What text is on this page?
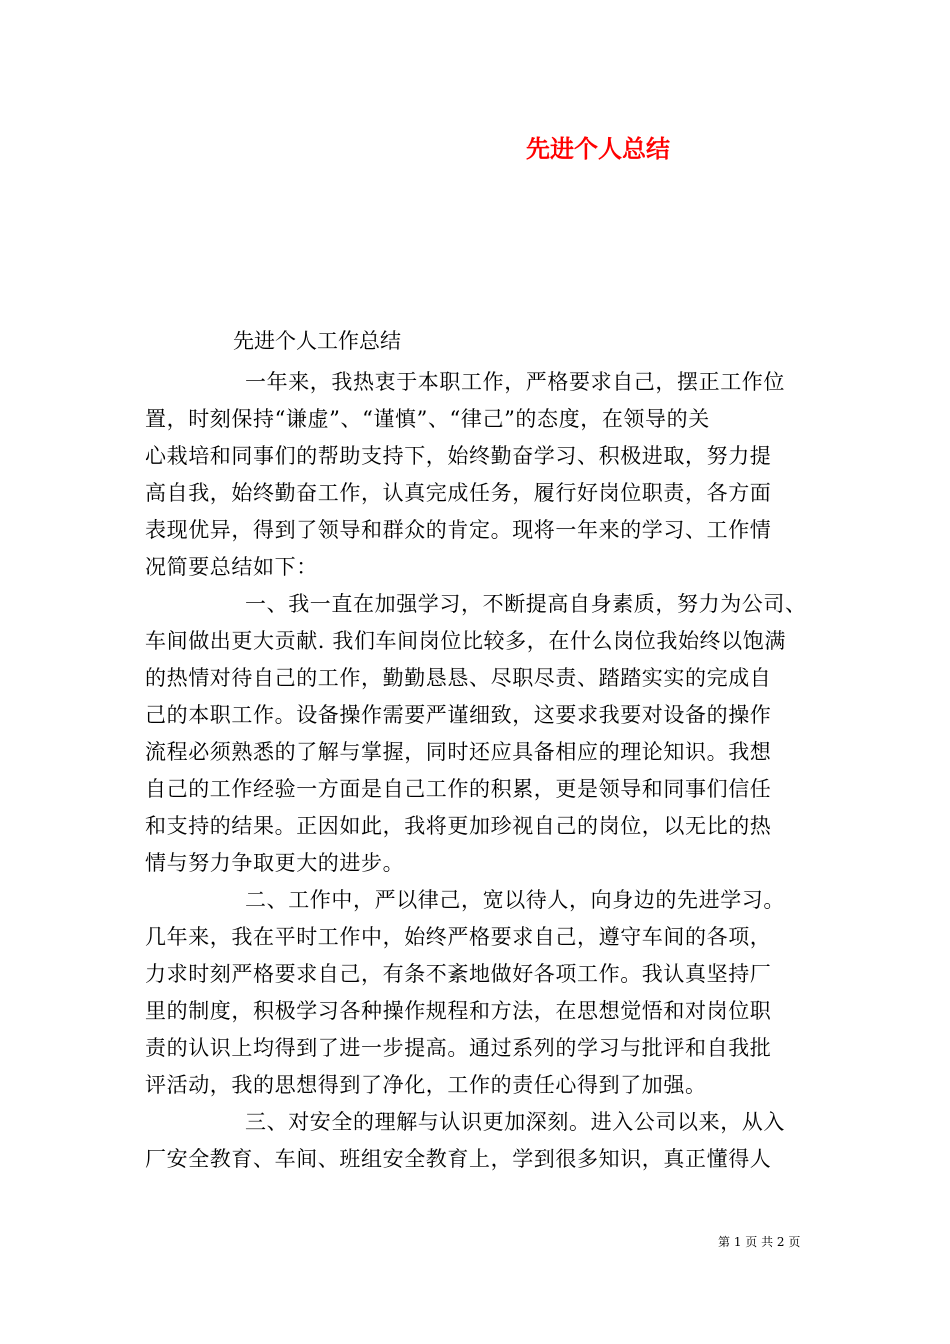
先进个人总结
先进个人工作总结
一年来，我热衷于本职工作，严格要求自己，摆正工作位
置，时刻保持“谦虚”、“谨慎”、“律己”的态度，在领导的关
心栽培和同事们的帮助支持下，始终勤奋学习、积极进取，努力提
高自我，始终勤奋工作，认真完成任务，履行好岗位职责，各方面
表现优异，得到了领导和群众的肯定。现将一年来的学习、工作情
况简要总结如下：
一、我一直在加强学习，不断提高自身素质，努力为公司、
车间做出更大贡献. 我们车间岗位比较多，在什么岗位我始终以饱满
的热情对待自己的工作，勤勤恳恳、尽职尽责、踏踏实实的完成自
己的本职工作。设备操作需要严谨细致，这要求我要对设备的操作
流程必须熟悉的了解与掌握，同时还应具备相应的理论知识。我想
自己的工作经验一方面是自己工作的积累，更是领导和同事们信任
和支持的结果。正因如此，我将更加珍视自己的岗位，以无比的热
情与努力争取更大的进步。
二、工作中，严以律己，宽以待人，向身边的先进学习。
几年来，我在平时工作中，始终严格要求自己，遵守车间的各项，
力求时刻严格要求自己，有条不紊地做好各项工作。我认真坚持厂
里的制度，积极学习各种操作规程和方法，在思想觉悟和对岗位职
责的认识上均得到了进一步提高。通过系列的学习与批评和自我批
评活动，我的思想得到了净化，工作的责任心得到了加强。
三、对安全的理解与认识更加深刻。进入公司以来，从入
厂安全教育、车间、班组安全教育上，学到很多知识，真正懂得人
第 1 页 共 2 页
